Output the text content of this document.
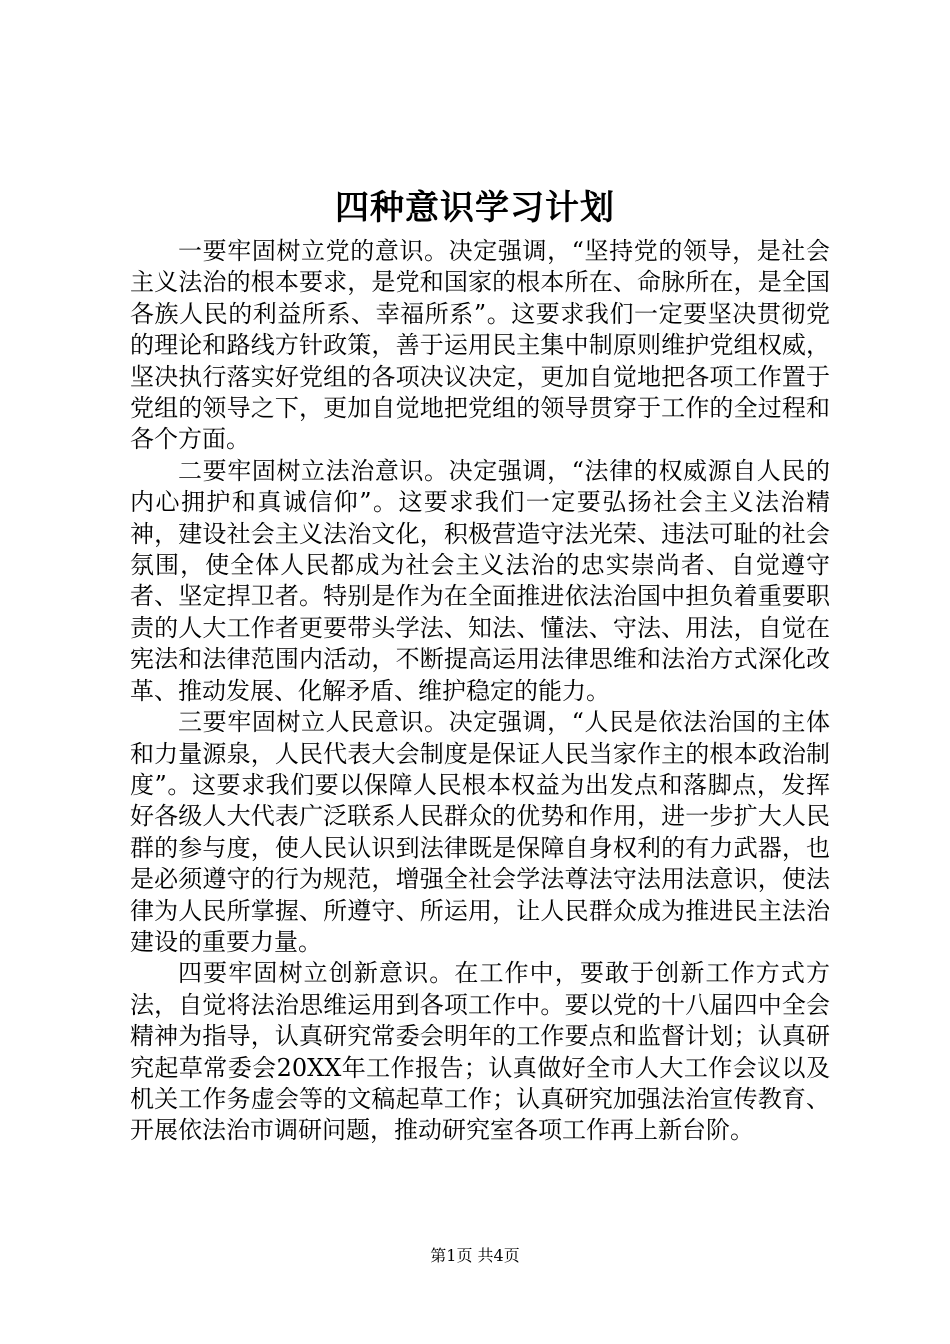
四种意识学习计划

一要牢固树立党的意识。决定强调，“坚持党的领导，是社会主义法治的根本要求，是党和国家的根本所在、命脉所在，是全国各族人民的利益所系、幸福所系”。这要求我们一定要坚决贯彻党的理论和路线方针政策，善于运用民主集中制原则维护党组权威，坚决执行落实好党组的各项决议决定，更加自觉地把各项工作置于党组的领导之下，更加自觉地把党组的领导贯穿于工作的全过程和各个方面。

二要牢固树立法治意识。决定强调，“法律的权威源自人民的内心拥护和真诚信仰”。这要求我们一定要弘扬社会主义法治精神，建设社会主义法治文化，积极营造守法光荣、违法可耻的社会氛围，使全体人民都成为社会主义法治的忠实崇尚者、自觉遵守者、坚定捍卫者。特别是作为在全面推进依法治国中担负着重要职责的人大工作者更要带头学法、知法、懂法、守法、用法，自觉在宪法和法律范围内活动，不断提高运用法律思维和法治方式深化改革、推动发展、化解矛盾、维护稳定的能力。

三要牢固树立人民意识。决定强调，“人民是依法治国的主体和力量源泉，人民代表大会制度是保证人民当家作主的根本政治制度”。这要求我们要以保障人民根本权益为出发点和落脚点，发挥好各级人大代表广泛联系人民群众的优势和作用，进一步扩大人民群的参与度，使人民认识到法律既是保障自身权利的有力武器，也是必须遵守的行为规范，增强全社会学法尊法守法用法意识，使法律为人民所掌握、所遵守、所运用，让人民群众成为推进民主法治建设的重要力量。

四要牢固树立创新意识。在工作中，要敢于创新工作方式方法，自觉将法治思维运用到各项工作中。要以党的十八届四中全会精神为指导，认真研究常委会明年的工作要点和监督计划；认真研究起草常委会20XX年工作报告；认真做好全市人大工作会议以及机关工作务虚会等的文稿起草工作；认真研究加强法治宣传教育、开展依法治市调研问题，推动研究室各项工作再上新台阶。

第1页 共4页
